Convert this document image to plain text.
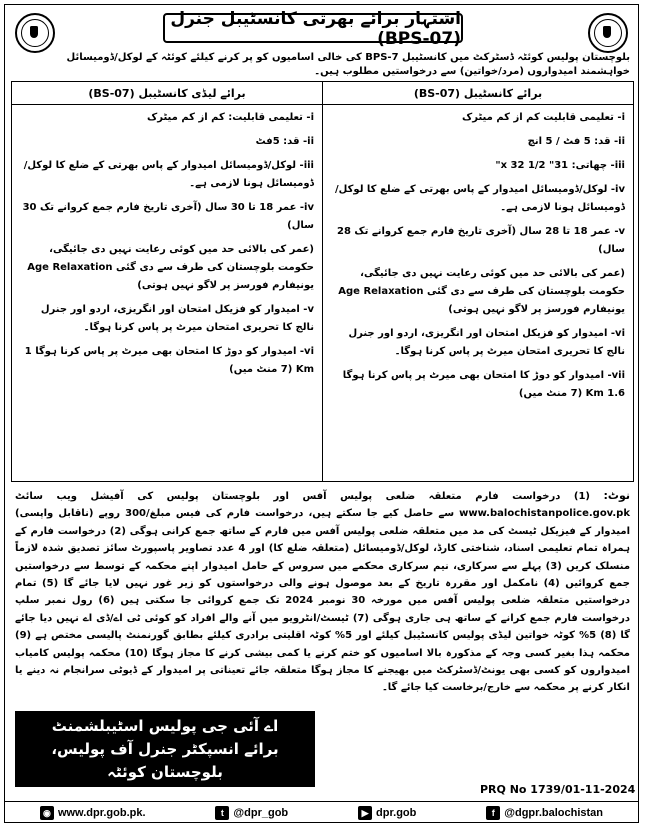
اشتہار برائے بھرتی کانسٹیبل جنرل (BPS-07)
بلوچستان پولیس کوئٹہ ڈسٹرکٹ میں کانسٹیبل BPS-7 کی خالی اسامیوں کو پر کرنے کیلئے کوئٹہ کے لوکل/ڈومیسائل خواہشمند امیدواروں (مرد/خواتین) سے درخواستیں مطلوب ہیں۔
برائے لیڈی کانسٹیبل (BS-07)
i- تعلیمی قابلیت: کم از کم میٹرک
ii- قد: 5فٹ
iii- لوکل/ڈومیسائل امیدوار کے پاس بھرتی کے ضلع کا لوکل/ڈومیسائل ہونا لازمی ہے۔
iv- عمر 18 تا 30 سال (آخری تاریخ فارم جمع کروانے تک 30 سال)
(عمر کی بالائی حد میں کوئی رعایت نہیں دی جائیگی، حکومت بلوچستان کی طرف سے دی گئی Age Relaxation یونیفارم فورسز پر لاگو نہیں ہوتی)
v- امیدوار کو فزیکل امتحان اور انگریزی، اردو اور جنرل نالج کا تحریری امتحان میرٹ پر پاس کرنا ہوگا۔
vi- امیدوار کو دوڑ کا امتحان بھی میرٹ پر پاس کرنا ہوگا 1 Km (7 منٹ میں)
برائے کانسٹیبل (BS-07)
i- تعلیمی قابلیت کم از کم میٹرک
ii- قد: 5 فٹ / 5 انچ
iii- چھاتی: 31" x 32 1/2"
iv- لوکل/ڈومیسائل امیدوار کے پاس بھرتی کے ضلع کا لوکل/ڈومیسائل ہونا لازمی ہے۔
v- عمر 18 تا 28 سال (آخری تاریخ فارم جمع کروانے تک 28 سال)
(عمر کی بالائی حد میں کوئی رعایت نہیں دی جائیگی، حکومت بلوچستان کی طرف سے دی گئی Age Relaxation یونیفارم فورسز پر لاگو نہیں ہوتی)
vi- امیدوار کو فزیکل امتحان اور انگریزی، اردو اور جنرل نالج کا تحریری امتحان میرٹ پر پاس کرنا ہوگا۔
vii- امیدوار کو دوڑ کا امتحان بھی میرٹ پر پاس کرنا ہوگا 1.6 Km (7 منٹ میں)
نوٹ: (1) درخواست فارم متعلقہ ضلعی پولیس آفس اور بلوچستان پولیس کی آفیشل ویب سائٹ www.balochistanpolice.gov.pk سے حاصل کیے جا سکتے ہیں، درخواست فارم کی فیس مبلغ/300 روپے (ناقابل واپسی) امیدوار کے فیزیکل ٹیسٹ کی مد میں متعلقہ ضلعی پولیس آفس میں فارم کے ساتھ جمع کرانی ہوگی (2) درخواست فارم کے ہمراہ تمام تعلیمی اسناد، شناختی کارڈ، لوکل/ڈومیسائل (متعلقہ ضلع کا) اور 4 عدد تصاویر پاسپورٹ سائز تصدیق شدہ لازماً منسلک کریں (3) پہلے سے سرکاری، نیم سرکاری محکمے میں سروس کے حامل امیدوار اپنے محکمہ کے توسط سے درخواستیں جمع کروائیں (4) نامکمل اور مقررہ تاریخ کے بعد موصول ہونے والی درخواستوں کو زیر غور نہیں لایا جائے گا (5) تمام درخواستیں متعلقہ ضلعی پولیس آفس میں مورخہ 30 نومبر 2024 تک جمع کروائی جا سکتی ہیں (6) رول نمبر سلپ درخواست فارم جمع کرانے کے ساتھ ہی جاری ہوگی (7) ٹیسٹ/انٹرویو میں آنے والے افراد کو کوئی ٹی اے/ڈی اے نہیں دیا جائے گا (8) 5% کوٹہ خواتین لیڈی پولیس کانسٹیبل کیلئے اور 5% کوٹہ اقلیتی برادری کیلئے بطابق گورنمنٹ پالیسی مختص ہے (9) محکمہ ہذا بغیر کسی وجہ کے مذکورہ بالا اسامیوں کو ختم کرنے یا کمی بیشی کرنے کا مجاز ہوگا (10) محکمہ پولیس کامیاب امیدواروں کو کسی بھی یونٹ/ڈسٹرکٹ میں بھیجنے کا مجاز ہوگا متعلقہ جائے تعیناتی پر امیدوار کے ڈیوٹی سرانجام نہ دینے یا انکار کرنے پر محکمہ سے خارج/برخاست کیا جائے گا۔
اے آئی جی پولیس اسٹیبلشمنٹ
برائے انسپکٹر جنرل آف پولیس،
بلوچستان کوئٹہ
PRQ No 1739/01-11-2024
◉ www.dpr.gob.pk.	t @dpr_gob	▶ dpr.gob	f @dgpr.balochistan
